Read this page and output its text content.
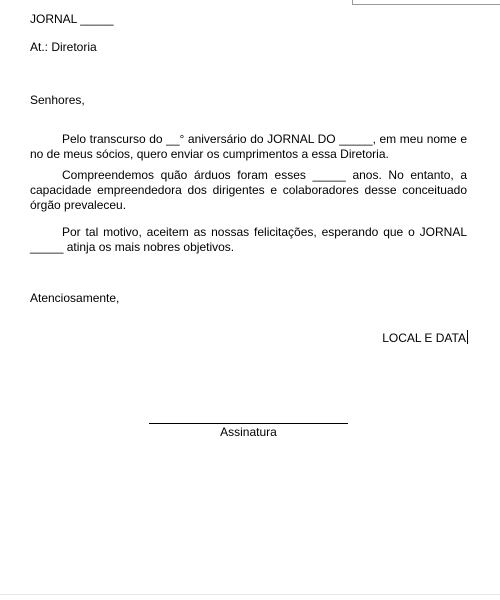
JORNAL _____
At.: Diretoria
Senhores,
Pelo transcurso do __° aniversário do JORNAL DO _____, em meu nome e no de meus sócios, quero enviar os cumprimentos a essa Diretoria.
Compreendemos quão árduos foram esses _____ anos. No entanto, a capacidade empreendedora dos dirigentes e colaboradores desse conceituado órgão prevaleceu.
Por tal motivo, aceitem as nossas felicitações, esperando que o JORNAL _____ atinja os mais nobres objetivos.
Atenciosamente,
LOCAL E DATA
Assinatura
